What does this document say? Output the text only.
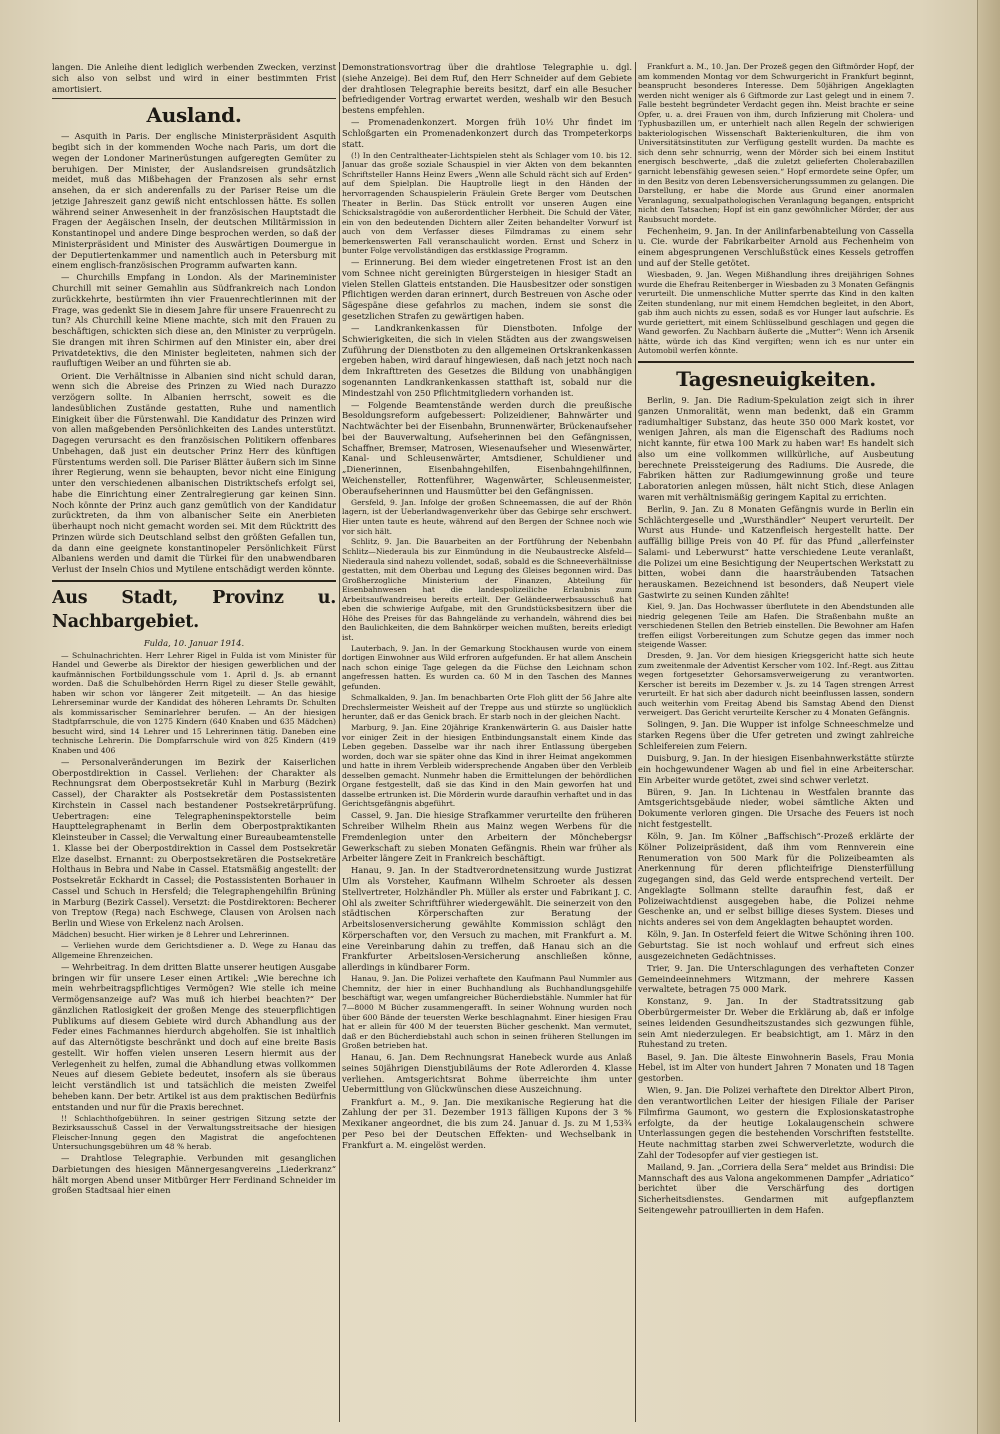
langen. Die Anleihe dient lediglich werbenden Zwecken, verzinst sich also von selbst und wird in einer bestimmten Frist amortisiert.

Ausland.

— Asquith in Paris. Der englische Ministerpräsident Asquith begibt sich in der kommenden Woche nach Paris, um dort die wegen der Londoner Marinerüstungen aufgeregten Gemüter zu beruhigen. Der Minister, der Auslandsreisen grundsätzlich meidet, muß das Mißbehagen der Franzosen als sehr ernst ansehen, da er sich anderenfalls zu der Pariser Reise um die jetzige Jahreszeit ganz gewiß nicht entschlossen hätte. Es sollen während seiner Anwesenheit in der französischen Hauptstadt die Fragen der Aegäischen Inseln, der deutschen Militärmission in Konstantinopel und andere Dinge besprochen werden, so daß der Ministerpräsident und Minister des Auswärtigen Doumergue in der Deputiertenkammer und namentlich auch in Petersburg mit einem englisch-französischen Programm aufwarten kann.

— Churchills Empfang in London. Als der Marineminister Churchill mit seiner Gemahlin aus Südfrankreich nach London zurückkehrte, bestürmten ihn vier Frauenrechtlerinnen mit der Frage, was gedenkt Sie in diesem Jahre für unsere Frauenrecht zu tun? Als Churchill keine Miene machte, sich mit den Frauen zu beschäftigen, schickten sich diese an, den Minister zu verprügeln. Sie drangen mit ihren Schirmen auf den Minister ein, aber drei Privatdetektivs, die den Minister begleiteten, nahmen sich der raufluftigen Weiber an und führten sie ab.

Orient. Die Verhältnisse in Albanien sind nicht schuld daran, wenn sich die Abreise des Prinzen zu Wied nach Durazzo verzögern sollte. In Albanien herrscht, soweit es die landesüblichen Zustände gestatten, Ruhe und namentlich Einigkeit über die Fürstenwahl. Die Kandidatur des Prinzen wird von allen maßgebenden Persönlichkeiten des Landes unterstützt. Dagegen verursacht es den französischen Politikern offenbares Unbehagen, daß just ein deutscher Prinz Herr des künftigen Fürstentums werden soll. Die Pariser Blätter äußern sich im Sinne ihrer Regierung, wenn sie behaupten, bevor nicht eine Einigung unter den verschiedenen albanischen Distriktschefs erfolgt sei, habe die Einrichtung einer Zentralregierung gar keinen Sinn. Noch könnte der Prinz auch ganz gemütlich von der Kandidatur zurücktreten, da ihm von albanischer Seite ein Anerbieten überhaupt noch nicht gemacht worden sei. Mit dem Rücktritt des Prinzen würde sich Deutschland selbst den größten Gefallen tun, da dann eine geeignete konstantinopeler Persönlichkeit Fürst Albaniens werden und damit die Türkei für den unabwendbaren Verlust der Inseln Chios und Mytilene entschädigt werden könnte.

Aus Stadt, Provinz u. Nachbargebiet.
Fulda, 10. Januar 1914.

— Schulnachrichten. Herr Lehrer Rigel in Fulda ist vom Minister für Handel und Gewerbe als Direktor der hiesigen gewerblichen und der kaufmännischen Fortbildungsschule vom 1. April d. Js. ab ernannt worden. Daß die Schulbehörden Herrn Rigel zu dieser Stelle gewählt, haben wir schon vor längerer Zeit mitgeteilt. — An das hiesige Lehrerseminar wurde der Kandidat des höheren Lehramts Dr. Schulten als kommissarischer Seminarlehrer berufen. — An der hiesigen Stadtpfarrschule, die von 1275 Kindern (640 Knaben und 635 Mädchen) besucht wird, sind 14 Lehrer und 15 Lehrerinnen tätig. Daneben eine technische Lehrerin. Die Dompfarrschule wird von 825 Kindern (419 Knaben und 406

— Personalveränderungen im Bezirk der Kaiserlichen Oberpostdirektion in Cassel. Verliehen: der Charakter als Rechnungsrat dem Oberpostsekretär Kuhl in Marburg (Bezirk Cassel), der Charakter als Postsekretär dem Postassistenten Kirchstein in Cassel nach bestandener Postsekretärprüfung. Uebertragen: eine Telegrapheninspektorstelle beim Haupttelegraphenamt in Berlin dem Oberpostpraktikanten Kleinsteuber in Cassel; die Verwaltung einer Bureaubeamtenstelle 1. Klasse bei der Oberpostdirektion in Cassel dem Postsekretär Elze daselbst. Ernannt: zu Oberpostsekretären die Postsekretäre Holthaus in Bebra und Nabe in Cassel. Etatsmäßig angestellt: der Postsekretär Eckhardt in Cassel; die Postassistenten Borhauer in Cassel und Schuch in Hersfeld; die Telegraphengehilfin Brüning in Marburg (Bezirk Cassel). Versetzt: die Postdirektoren: Becherer von Treptow (Rega) nach Eschwege, Clausen von Arolsen nach Berlin und Wiese von Erkelenz nach Arolsen.

Mädchen) besucht. Hier wirken je 8 Lehrer und Lehrerinnen.

— Verliehen wurde dem Gerichtsdiener a. D. Wege zu Hanau das Allgemeine Ehrenzeichen.

— Wehrbeitrag. In dem dritten Blatte unserer heutigen Ausgabe bringen wir für unsere Leser einen Artikel: „Wie berechne ich mein wehrbeitragspflichtiges Vermögen? Wie stelle ich meine Vermögensanzeige auf? Was muß ich hierbei beachten?“ Der gänzlichen Ratlosigkeit der großen Menge des steuerpflichtigen Publikums auf diesem Gebiete wird durch Abhandlung aus der Feder eines Fachmannes hierdurch abgeholfen. Sie ist inhaltlich auf das Alternötigste beschränkt und doch auf eine breite Basis gestellt. Wir hoffen vielen unseren Lesern hiermit aus der Verlegenheit zu helfen, zumal die Abhandlung etwas vollkommen Neues auf diesem Gebiete bedeutet, insofern als sie überaus leicht verständlich ist und tatsächlich die meisten Zweifel beheben kann. Der betr. Artikel ist aus dem praktischen Bedürfnis entstanden und nur für die Praxis berechnet.

!! Schlachthofgebühren. In seiner gestrigen Sitzung setzte der Bezirksausschuß Cassel in der Verwaltungsstreitsache der hiesigen Fleischer-Innung gegen den Magistrat die angefochtenen Untersuchungsgebühren um 48 % herab.

— Drahtlose Telegraphie. Verbunden mit gesanglichen Darbietungen des hiesigen Männergesangvereins „Liederkranz“ hält morgen Abend unser Mitbürger Herr Ferdinand Schneider im großen Stadtsaal hier einen

Demonstrationsvortrag über die drahtlose Telegraphie u. dgl. (siehe Anzeige). Bei dem Ruf, den Herr Schneider auf dem Gebiete der drahtlosen Telegraphie bereits besitzt, darf ein alle Besucher befriedigender Vortrag erwartet werden, weshalb wir den Besuch bestens empfehlen.

— Promenadenkonzert. Morgen früh 10½ Uhr findet im Schloßgarten ein Promenadenkonzert durch das Trompeterkorps statt.

(!) In den Centraltheater-Lichtspielen steht als Schlager vom 10. bis 12. Januar das große soziale Schauspiel in vier Akten von dem bekannten Schriftsteller Hanns Heinz Ewers „Wenn alle Schuld rächt sich auf Erden“ auf dem Spielplan. Die Hauptrolle liegt in den Händen der hervorragenden Schauspielerin Fräulein Grete Berger vom Deutschen Theater in Berlin. Das Stück entrollt vor unseren Augen eine Schicksalstragödie von außerordentlicher Herbheit. Die Schuld der Väter, ein von den bedeutenden Dichtern aller Zeiten behandelter Vorwurf ist auch von dem Verfasser dieses Filmdramas zu einem sehr bemerkenswerten Fall veranschaulicht worden. Ernst und Scherz in bunter Folge vervollständigen das erstklassige Programm.

— Erinnerung. Bei dem wieder eingetretenen Frost ist an den vom Schnee nicht gereinigten Bürgersteigen in hiesiger Stadt an vielen Stellen Glatteis entstanden. Die Hausbesitzer oder sonstigen Pflichtigen werden daran erinnert, durch Bestreuen von Asche oder Sägespäne diese gefahrlos zu machen, indem sie sonst die gesetzlichen Strafen zu gewärtigen haben.

— Landkrankenkassen für Dienstboten. Infolge der Schwierigkeiten, die sich in vielen Städten aus der zwangsweisen Zuführung der Dienstboten zu den allgemeinen Ortskrankenkassen ergeben haben, wird darauf hingewiesen, daß nach jetzt noch nach dem Inkrafttreten des Gesetzes die Bildung von unabhängigen sogenannten Landkrankenkassen statthaft ist, sobald nur die Mindestzahl von 250 Pflichtmitgliedern vorhanden ist.

— Folgende Beamtenstände werden durch die preußische Besoldungsreform aufgebessert: Polizeidiener, Bahnwärter und Nachtwächter bei der Eisenbahn, Brunnenwärter, Brückenaufseher bei der Bauverwaltung, Aufseherinnen bei den Gefängnissen, Schaffner, Bremser, Matrosen, Wiesenaufseher und Wiesenwärter, Kanal- und Schleusenwärter, Amtsdiener, Schuldiener und „Dienerinnen, Eisenbahngehilfen, Eisenbahngehilfinnen, Weichensteller, Rottenführer, Wagenwärter, Schleusenmeister, Oberaufseherinnen und Hausmütter bei den Gefängnissen.

Gersfeld, 9. Jan. Infolge der großen Schneemassen, die auf der Rhön lagern, ist der Ueberlandwagenverkehr über das Gebirge sehr erschwert. Hier unten taute es heute, während auf den Bergen der Schnee noch wie vor sich hält.

Schlitz, 9. Jan. Die Bauarbeiten an der Fortführung der Nebenbahn Schlitz—Niederaula bis zur Einmündung in die Neubaustrecke Alsfeld—Niederaula sind nahezu vollendet, sodaß, sobald es die Schneeverhältnisse gestatten, mit dem Oberbau und Legung des Gleises begonnen wird. Das Großherzogliche Ministerium der Finanzen, Abteilung für Eisenbahnwesen hat die landespolizeiliche Erlaubnis zum Arbeitsaufwandreiseu bereits erteilt. Der Geländeerwerbsausschuß hat eben die schwierige Aufgabe, mit den Grundstücksbesitzern über die Höhe des Preises für das Bahngelände zu verhandeln, während dies bei den Baulichkeiten, die dem Bahnkörper weichen mußten, bereits erledigt ist.

Lauterbach, 9. Jan. In der Gemarkung Stockhausen wurde von einem dortigen Einwohner aus Wild erfroren aufgefunden. Er hat allem Anschein nach schon einige Tage gelegen da die Füchse den Leichnam schon angefressen hatten. Es wurden ca. 60 M in den Taschen des Mannes gefunden.

Schmalkalden, 9. Jan. Im benachbarten Orte Floh glitt der 56 Jahre alte Drechslermeister Weisheit auf der Treppe aus und stürzte so unglücklich herunter, daß er das Genick brach. Er starb noch in der gleichen Nacht.

Marburg, 9. Jan. Eine 20jährige Krankenwärterin G. aus Daisler hatte vor einiger Zeit in der hiesigen Entbindungsanstalt einem Kinde das Leben gegeben. Dasselbe war ihr nach ihrer Entlassung übergeben worden, doch war sie später ohne das Kind in ihrer Heimat angekommen und hatte in ihrem Verbleib widersprechende Angaben über den Verbleib desselben gemacht. Nunmehr haben die Ermittelungen der behördlichen Organe festgestellt, daß sie das Kind in den Main geworfen hat und dasselbe ertrunken ist. Die Mörderin wurde daraufhin verhaftet und in das Gerichtsgefängnis abgeführt.

Cassel, 9. Jan. Die hiesige Strafkammer verurteilte den früheren Schreiber Wilhelm Rhein aus Mainz wegen Werbens für die Fremdenlegion unter den Arbeitern der Mönchebergsr Gewerkschaft zu sieben Monaten Gefängnis. Rhein war früher als Arbeiter längere Zeit in Frankreich beschäftigt.

Hanau, 9. Jan. In der Stadtverordnetensitzung wurde Justizrat Ulm als Vorsteher, Kaufmann Wilhelm Schroeter als dessen Stellvertreter, Holzhändler Ph. Müller als erster und Fabrikant J. C. Ohl als zweiter Schriftführer wiedergewählt. Die seinerzeit von den städtischen Körperschaften zur Beratung der Arbeitslosenversicherung gewählte Kommission schlägt den Körperschaften vor, den Versuch zu machen, mit Frankfurt a. M. eine Vereinbarung dahin zu treffen, daß Hanau sich an die Frankfurter Arbeitslosen-Versicherung anschließen könne, allerdings in kündbarer Form.

Hanau, 9. Jan. Die Polizei verhaftete den Kaufmann Paul Nummler aus Chemnitz, der hier in einer Buchhandlung als Buchhandlungsgehilfe beschäftigt war, wegen umfangreicher Bücherdiebstähle. Nummler hat für 7—8000 M Bücher zusammengerafft. In seiner Wohnung wurden noch über 600 Bände der teuersten Werke beschlagnahmt. Einer hiesigen Frau hat er allein für 400 M der teuersten Bücher geschenkt. Man vermutet, daß er den Bücherdiebstahl auch schon in seinen früheren Stellungen im Großen betrieben hat.

Hanau, 6. Jan. Dem Rechnungsrat Hanebeck wurde aus Anlaß seines 50jährigen Dienstjubiläums der Rote Adlerorden 4. Klasse verliehen. Amtsgerichtsrat Bohme überreichte ihm unter Uebermittlung von Glückwünschen diese Auszeichnung.

Frankfurt a. M., 9. Jan. Die mexikanische Regierung hat die Zahlung der per 31. Dezember 1913 fälligen Kupons der 3 % Mexikaner angeordnet, die bis zum 24. Januar d. Js. zu M 1,53¾ per Peso bei der Deutschen Effekten- und Wechselbank in Frankfurt a. M. eingelöst werden.

Frankfurt a. M., 10. Jan. Der Prozeß gegen den Giftmörder Hopf, der am kommenden Montag vor dem Schwurgericht in Frankfurt beginnt, beansprucht besonderes Interesse. Dem 50jährigen Angeklagten werden nicht weniger als 6 Giftmorde zur Last gelegt und in einem 7. Falle besteht begründeter Verdacht gegen ihn. Meist brachte er seine Opfer, u. a. drei Frauen von ihm, durch Infizierung mit Cholera- und Typhusbazillen um, er unterhielt nach allen Regeln der schwierigen bakteriologischen Wissenschaft Bakterienkulturen, die ihm von Universitätsinstituten zur Verfügung gestellt wurden. Da machte es sich denn sehr schnurrig, wenn der Mörder sich bei einem Institut energisch beschwerte, „daß die zuletzt gelieferten Cholerabazillen garnicht lebensfähig gewesen seien.“ Hopf ermordete seine Opfer, um in den Besitz von deren Lebensversicherungssummen zu gelangen. Die Darstellung, er habe die Morde aus Grund einer anormalen Veranlagung, sexualpathologischen Veranlagung begangen, entspricht nicht den Tatsachen; Hopf ist ein ganz gewöhnlicher Mörder, der aus Raubsucht mordete.

Fechenheim, 9. Jan. In der Anilinfarbenabteilung von Cassella u. Cie. wurde der Fabrikarbeiter Arnold aus Fechenheim von einem abgesprungenen Verschlußstück eines Kessels getroffen und auf der Stelle getötet.

Wiesbaden, 9. Jan. Wegen Mißhandlung ihres dreijährigen Sohnes wurde die Ehefrau Reitenberger in Wiesbaden zu 3 Monaten Gefängnis verurteilt. Die unmenschliche Mutter sperrte das Kind in den kalten Zeiten stundenlang, nur mit einem Hemdchen begleitet, in den Abort, gab ihm auch nichts zu essen, sodaß es vor Hunger laut aufschrie. Es wurde geriettert, mit einem Schlüsselbund geschlagen und gegen die Wand geworfen. Zu Nachbarn äußerte die „Mutter“: Wenn ich Arsenik hätte, würde ich das Kind vergiften; wenn ich es nur unter ein Automobil werfen könnte.

Tagesneuigkeiten.

Berlin, 9. Jan. Die Radium-Spekulation zeigt sich in ihrer ganzen Unmoralität, wenn man bedenkt, daß ein Gramm radiumhaltiger Substanz, das heute 350 000 Mark kostet, vor wenigen Jahren, als man die Eigenschaft des Radiums noch nicht kannte, für etwa 100 Mark zu haben war! Es handelt sich also um eine vollkommen willkürliche, auf Ausbeutung berechnete Preissteigerung des Radiums. Die Ausrede, die Fabriken hätten zur Radiumgewinnung große und teure Laboratorien anlegen müssen, hält nicht Stich, diese Anlagen waren mit verhältnismäßig geringem Kapital zu errichten.

Berlin, 9. Jan. Zu 8 Monaten Gefängnis wurde in Berlin ein Schlächtergeselle und „Wursthändler“ Neupert verurteilt. Der Wurst aus Hunde- und Katzenfleisch hergestellt hatte. Der auffällig billige Preis von 40 Pf. für das Pfund „allerfeinster Salami- und Leberwurst“ hatte verschiedene Leute veranlaßt, die Polizei um eine Besichtigung der Neupertschen Werkstatt zu bitten, wobei dann die haarsträubenden Tatsachen herauskamen. Bezeichnend ist besonders, daß Neupert viele Gastwirte zu seinen Kunden zählte!

Kiel, 9. Jan. Das Hochwasser überflutete in den Abendstunden alle niedrig gelegenen Teile am Hafen. Die Straßenbahn mußte an verschiedenen Stellen den Betrieb einstellen. Die Bewohner am Hafen treffen eiligst Vorbereitungen zum Schutze gegen das immer noch steigende Wasser.

Dresden, 9. Jan. Vor dem hiesigen Kriegsgericht hatte sich heute zum zweitenmale der Adventist Kerscher vom 102. Inf.-Regt. aus Zittau wegen fortgesetzter Gehorsamsverweigerung zu verantworten. Kerscher ist bereits im Dezember v. Js. zu 14 Tagen strengen Arrest verurteilt. Er hat sich aber dadurch nicht beeinflussen lassen, sondern auch weiterhin vom Freitag Abend bis Samstag Abend den Dienst verweigert. Das Gericht verurteilte Kerscher zu 4 Monaten Gefängnis.

Solingen, 9. Jan. Die Wupper ist infolge Schneeschmelze und starken Regens über die Ufer getreten und zwingt zahlreiche Schleifereien zum Feiern.

Duisburg, 9. Jan. In der hiesigen Eisenbahnwerkstätte stürzte ein hochgewundener Wagen ab und fiel in eine Arbeiterschar. Ein Arbeiter wurde getötet, zwei sind schwer verletzt.

Büren, 9. Jan. In Lichtenau in Westfalen brannte das Amtsgerichtsgebäude nieder, wobei sämtliche Akten und Dokumente verloren gingen. Die Ursache des Feuers ist noch nicht festgestellt.

Köln, 9. Jan. Im Kölner „Baffschisch“-Prozeß erklärte der Kölner Polizeipräsident, daß ihm vom Rennverein eine Renumeration von 500 Mark für die Polizeibeamten als Anerkennung für deren pflichteifrige Diensterfüllung zugegangen sind, das Geld werde entsprechend verteilt. Der Angeklagte Sollmann stellte daraufhin fest, daß er Polizeiwachtdienst ausgegeben habe, die Polizei nehme Geschenke an, und er selbst billige dieses System. Dieses und nichts anderes sei von dem Angeklagten behauptet worden.

Köln, 9. Jan. In Osterfeld feiert die Witwe Schöning ihren 100. Geburtstag. Sie ist noch wohlauf und erfreut sich eines ausgezeichneten Gedächtnisses.

Trier, 9. Jan. Die Unterschlagungen des verhafteten Conzer Gemeindeeinnehmers Witzmann, der mehrere Kassen verwaltete, betragen 75 000 Mark.

Konstanz, 9. Jan. In der Stadtratssitzung gab Oberbürgermeister Dr. Weber die Erklärung ab, daß er infolge seines leidenden Gesundheitszustandes sich gezwungen fühle, sein Amt niederzulegen. Er beabsichtigt, am 1. März in den Ruhestand zu treten.

Basel, 9. Jan. Die älteste Einwohnerin Basels, Frau Monia Hebel, ist im Alter von hundert Jahren 7 Monaten und 18 Tagen gestorben.

Wien, 9. Jan. Die Polizei verhaftete den Direktor Albert Piron, den verantwortlichen Leiter der hiesigen Filiale der Pariser Filmfirma Gaumont, wo gestern die Explosionskatastrophe erfolgte, da der heutige Lokalaugenschein schwere Unterlassungen gegen die bestehenden Vorschriften feststellte. Heute nachmittag starben zwei Schwerverletzte, wodurch die Zahl der Todesopfer auf vier gestiegen ist.

Mailand, 9. Jan. „Corriera della Sera“ meldet aus Brindisi: Die Mannschaft des aus Valona angekommenen Dampfer „Adriatico“ berichtet über die Verschärfung des dortigen Sicherheitsdienstes. Gendarmen mit aufgepflanztem Seitengewehr patrouillierten in dem Hafen.
